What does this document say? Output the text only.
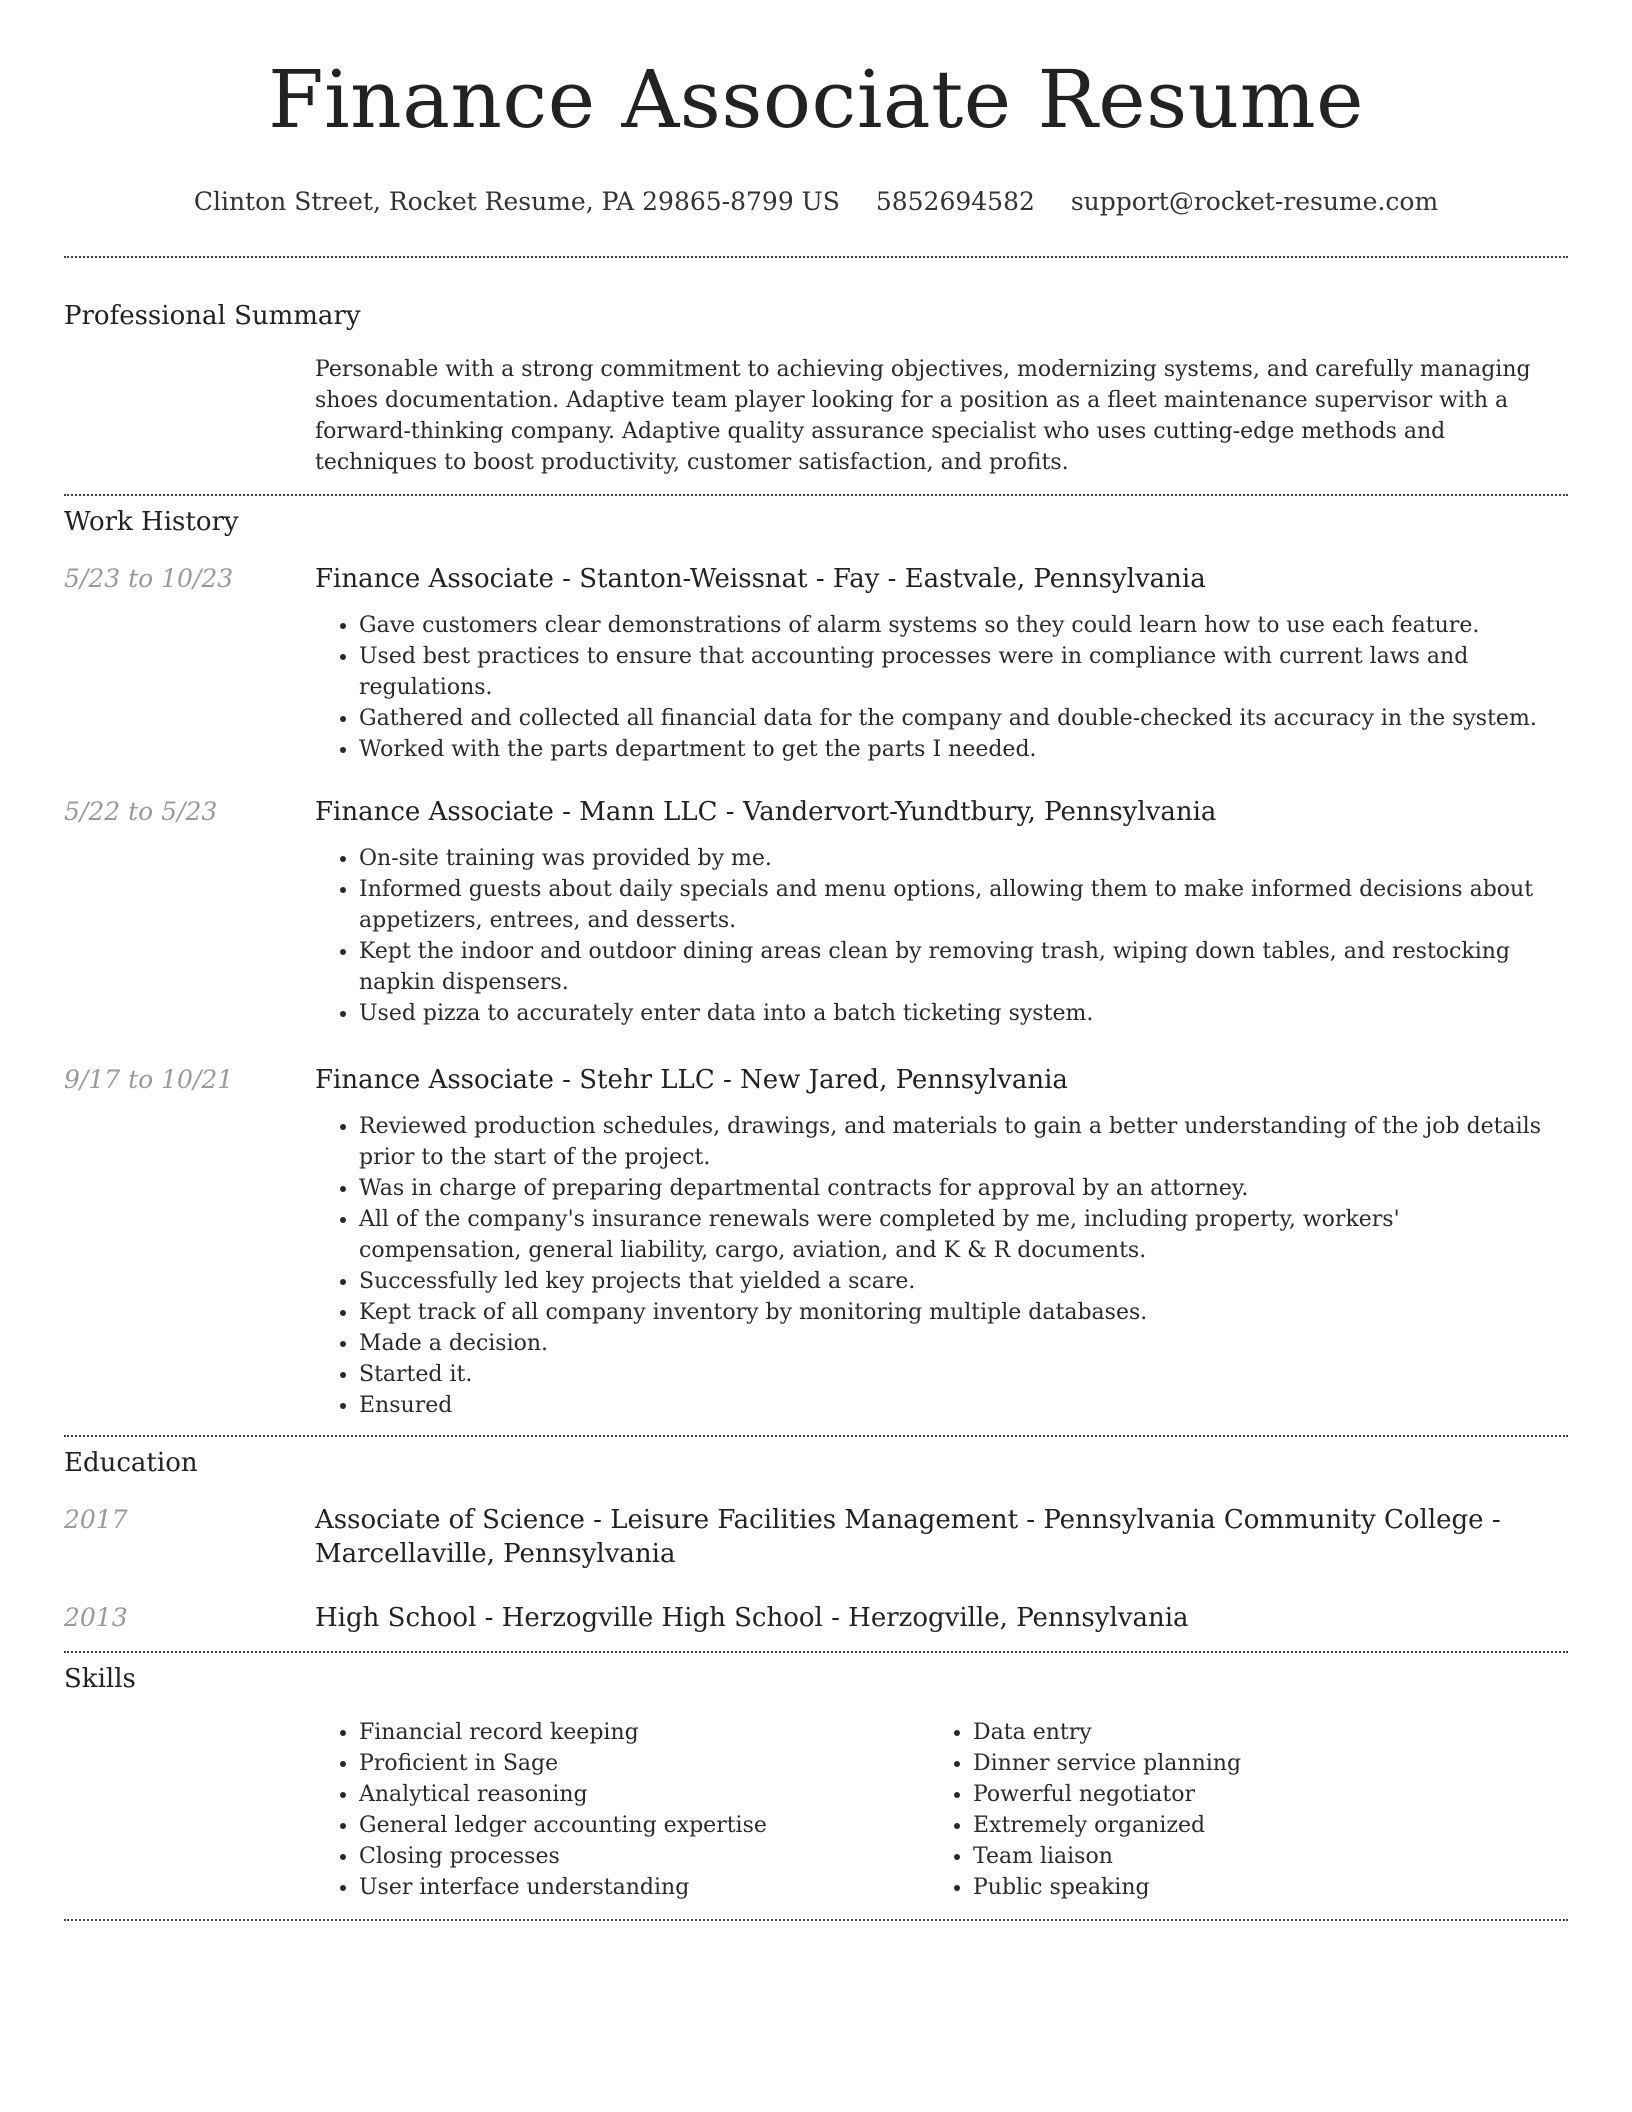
Finance Associate Resume
Clinton Street, Rocket Resume, PA 29865-8799 US 5852694582 support@rocket-resume.com
Professional Summary

Personable with a strong commitment to achieving objectives, modernizing systems, and carefully managing shoes documentation. Adaptive team player looking for a position as a fleet maintenance supervisor with a forward-thinking company. Adaptive quality assurance specialist who uses cutting-edge methods and techniques to boost productivity, customer satisfaction, and profits.

Work History
5/23 to 10/23	Finance Associate - Stanton-Weissnat - Fay - Eastvale, Pennsylvania
• Gave customers clear demonstrations of alarm systems so they could learn how to use each feature.
• Used best practices to ensure that accounting processes were in compliance with current laws and regulations.
• Gathered and collected all financial data for the company and double-checked its accuracy in the system.
• Worked with the parts department to get the parts I needed.
5/22 to 5/23	Finance Associate - Mann LLC - Vandervort-Yundtbury, Pennsylvania
• On-site training was provided by me.
• Informed guests about daily specials and menu options, allowing them to make informed decisions about appetizers, entrees, and desserts.
• Kept the indoor and outdoor dining areas clean by removing trash, wiping down tables, and restocking napkin dispensers.
• Used pizza to accurately enter data into a batch ticketing system.
9/17 to 10/21	Finance Associate - Stehr LLC - New Jared, Pennsylvania
• Reviewed production schedules, drawings, and materials to gain a better understanding of the job details prior to the start of the project.
• Was in charge of preparing departmental contracts for approval by an attorney.
• All of the company's insurance renewals were completed by me, including property, workers' compensation, general liability, cargo, aviation, and K & R documents.
• Successfully led key projects that yielded a scare.
• Kept track of all company inventory by monitoring multiple databases.
• Made a decision.
• Started it.
• Ensured
Education
2017	Associate of Science - Leisure Facilities Management - Pennsylvania Community College - Marcellaville, Pennsylvania
2013	High School - Herzogville High School - Herzogville, Pennsylvania
Skills
• Financial record keeping
• Proficient in Sage
• Analytical reasoning
• General ledger accounting expertise
• Closing processes
• User interface understanding
• Data entry
• Dinner service planning
• Powerful negotiator
• Extremely organized
• Team liaison
• Public speaking
